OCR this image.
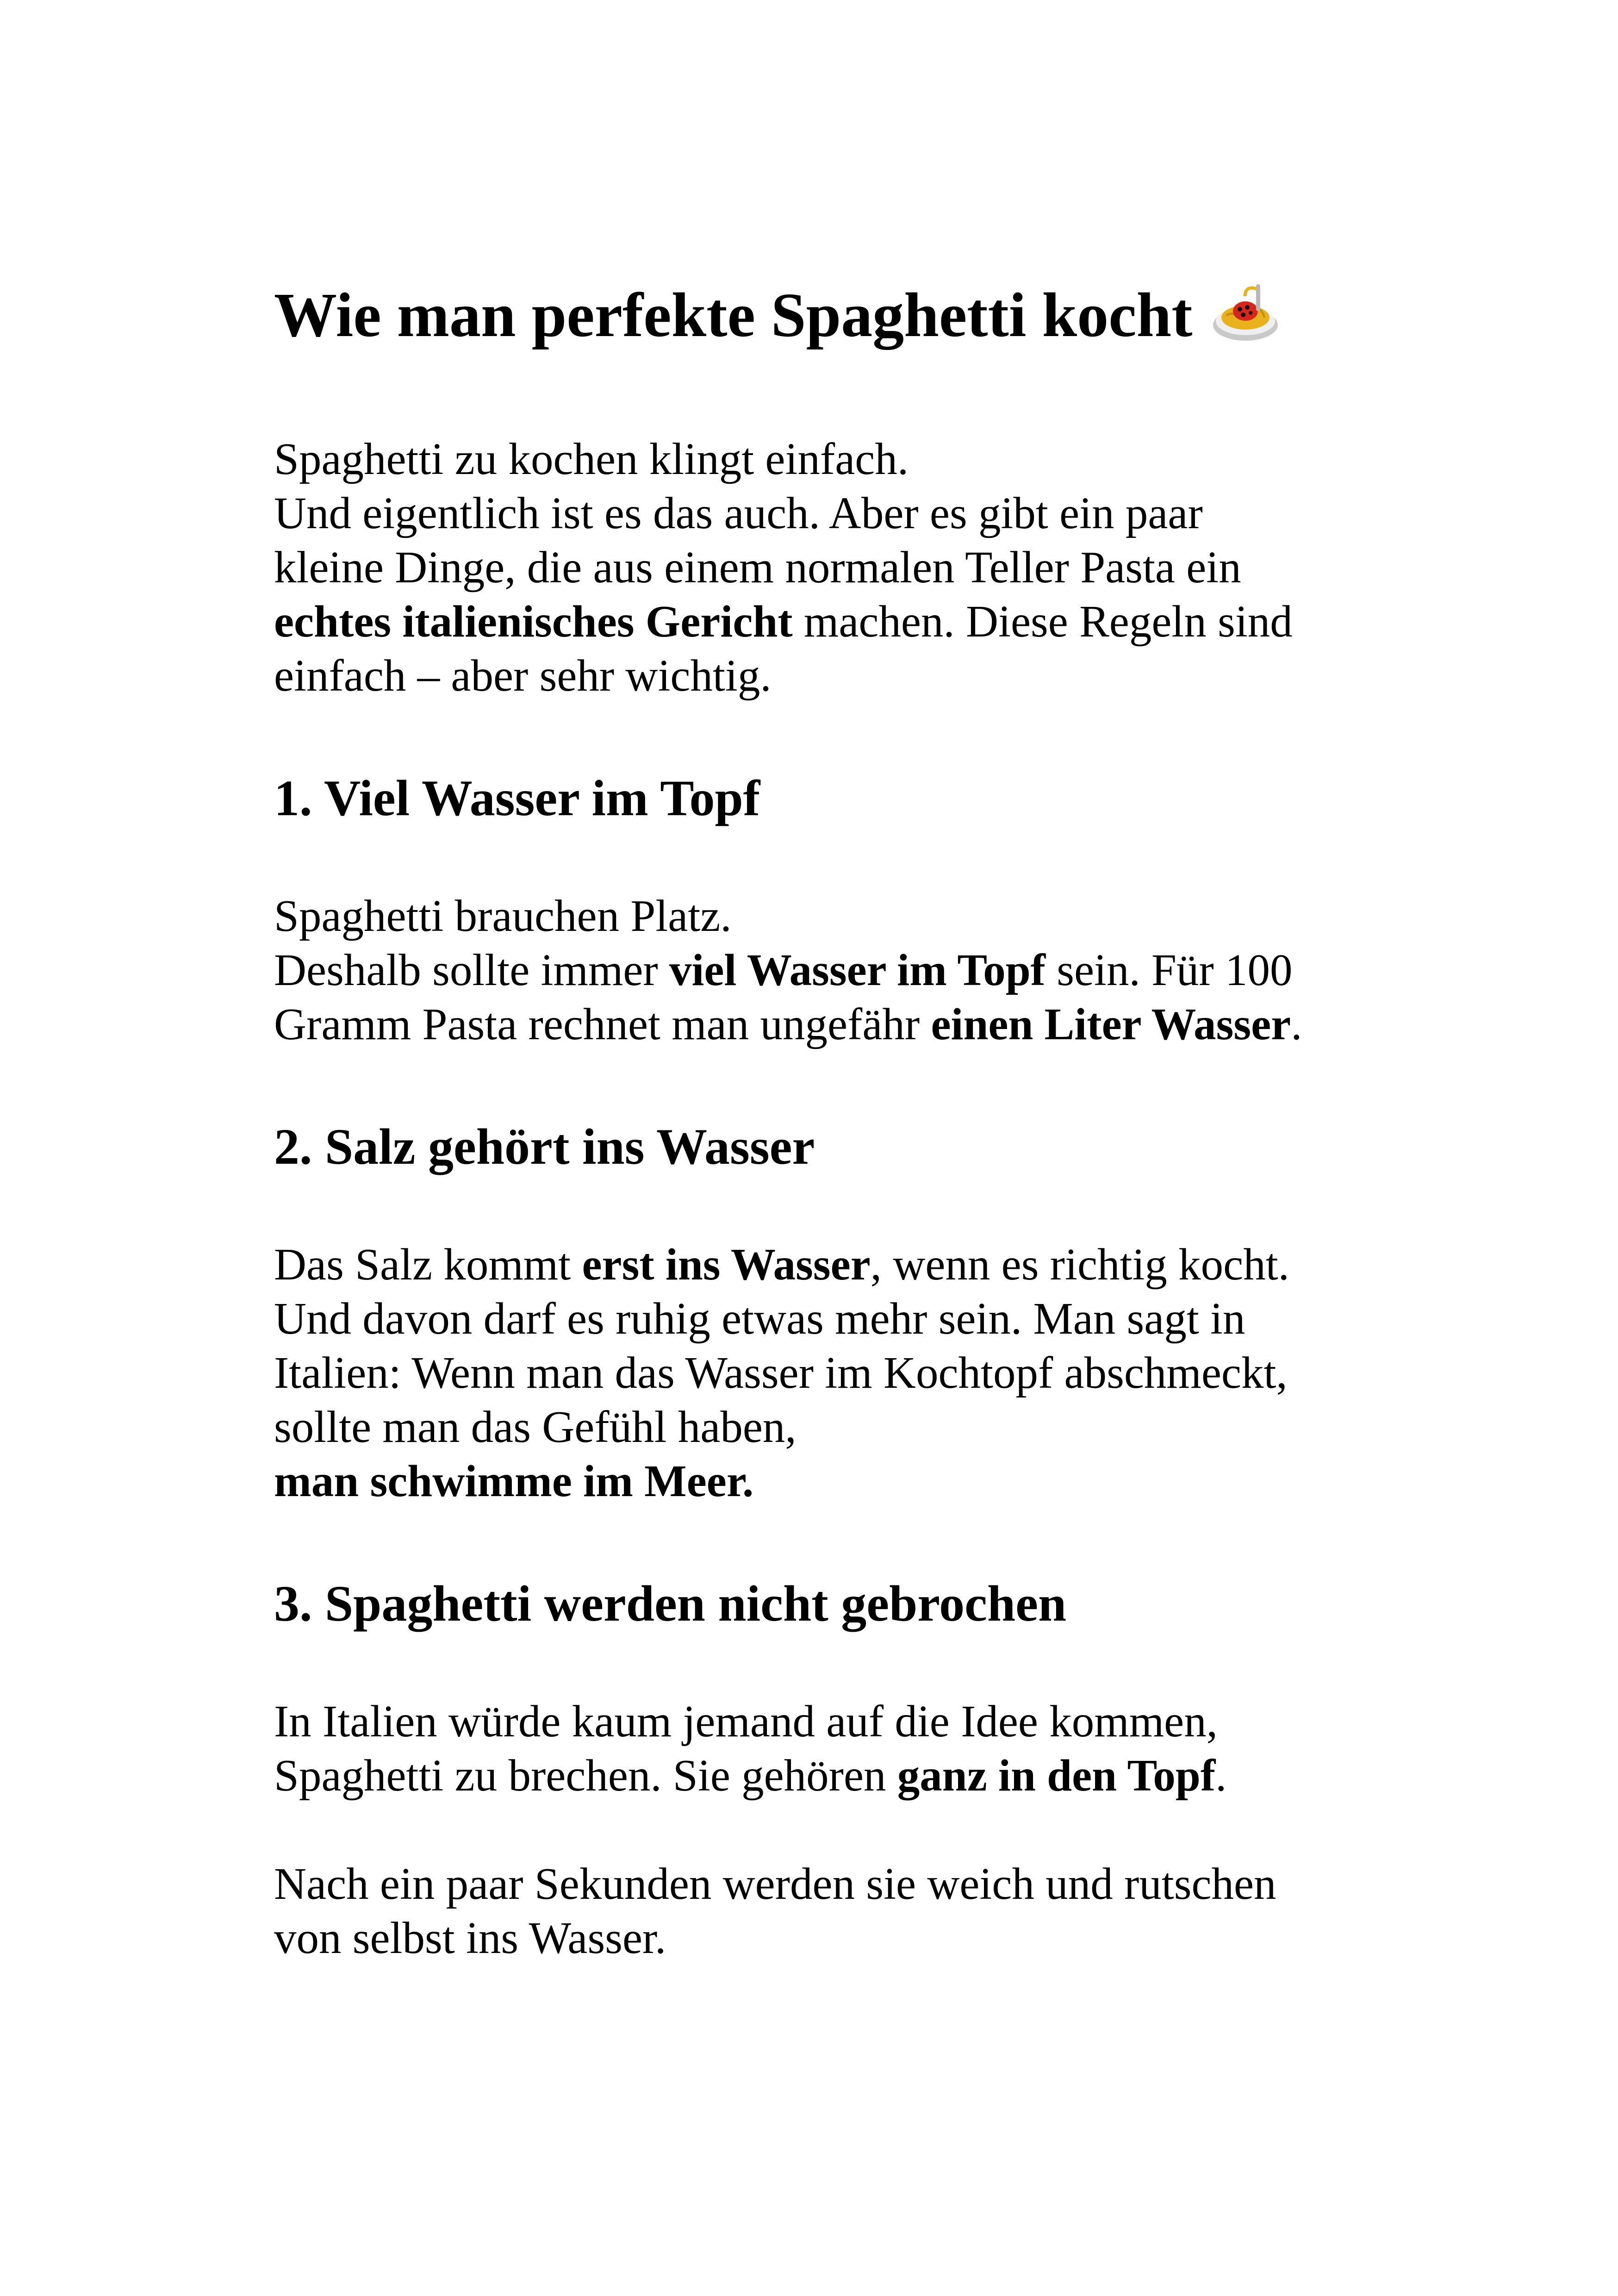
Wie man perfekte Spaghetti kocht

Spaghetti zu kochen klingt einfach.
Und eigentlich ist es das auch. Aber es gibt ein paar
kleine Dinge, die aus einem normalen Teller Pasta ein
echtes italienisches Gericht machen. Diese Regeln sind
einfach – aber sehr wichtig.

1. Viel Wasser im Topf

Spaghetti brauchen Platz.
Deshalb sollte immer viel Wasser im Topf sein. Für 100
Gramm Pasta rechnet man ungefähr einen Liter Wasser.

2. Salz gehört ins Wasser

Das Salz kommt erst ins Wasser, wenn es richtig kocht.
Und davon darf es ruhig etwas mehr sein. Man sagt in
Italien: Wenn man das Wasser im Kochtopf abschmeckt,
sollte man das Gefühl haben,
man schwimme im Meer.

3. Spaghetti werden nicht gebrochen

In Italien würde kaum jemand auf die Idee kommen,
Spaghetti zu brechen. Sie gehören ganz in den Topf.

Nach ein paar Sekunden werden sie weich und rutschen
von selbst ins Wasser.
